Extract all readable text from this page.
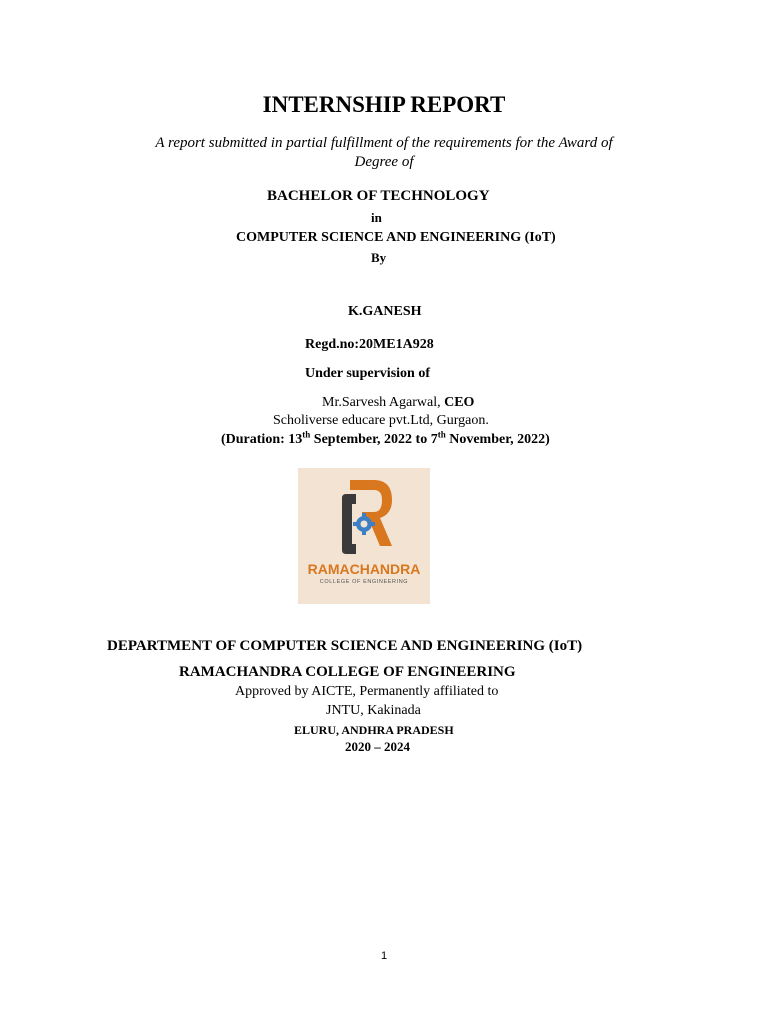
INTERNSHIP REPORT
A report submitted in partial fulfillment of the requirements for the Award of
Degree of
BACHELOR OF TECHNOLOGY
in
COMPUTER SCIENCE AND ENGINEERING (IoT)
By
K.GANESH
Regd.no:20ME1A928
Under supervision of
Mr.Sarvesh Agarwal, CEO
Scholiverse educare pvt.Ltd, Gurgaon.
(Duration: 13th September, 2022 to 7th November, 2022)
RAMACHANDRA
COLLEGE OF ENGINEERING
DEPARTMENT OF COMPUTER SCIENCE AND ENGINEERING (IoT)
RAMACHANDRA COLLEGE OF ENGINEERING
Approved by AICTE, Permanently affiliated to
JNTU, Kakinada
ELURU, ANDHRA PRADESH
2020 – 2024
1
